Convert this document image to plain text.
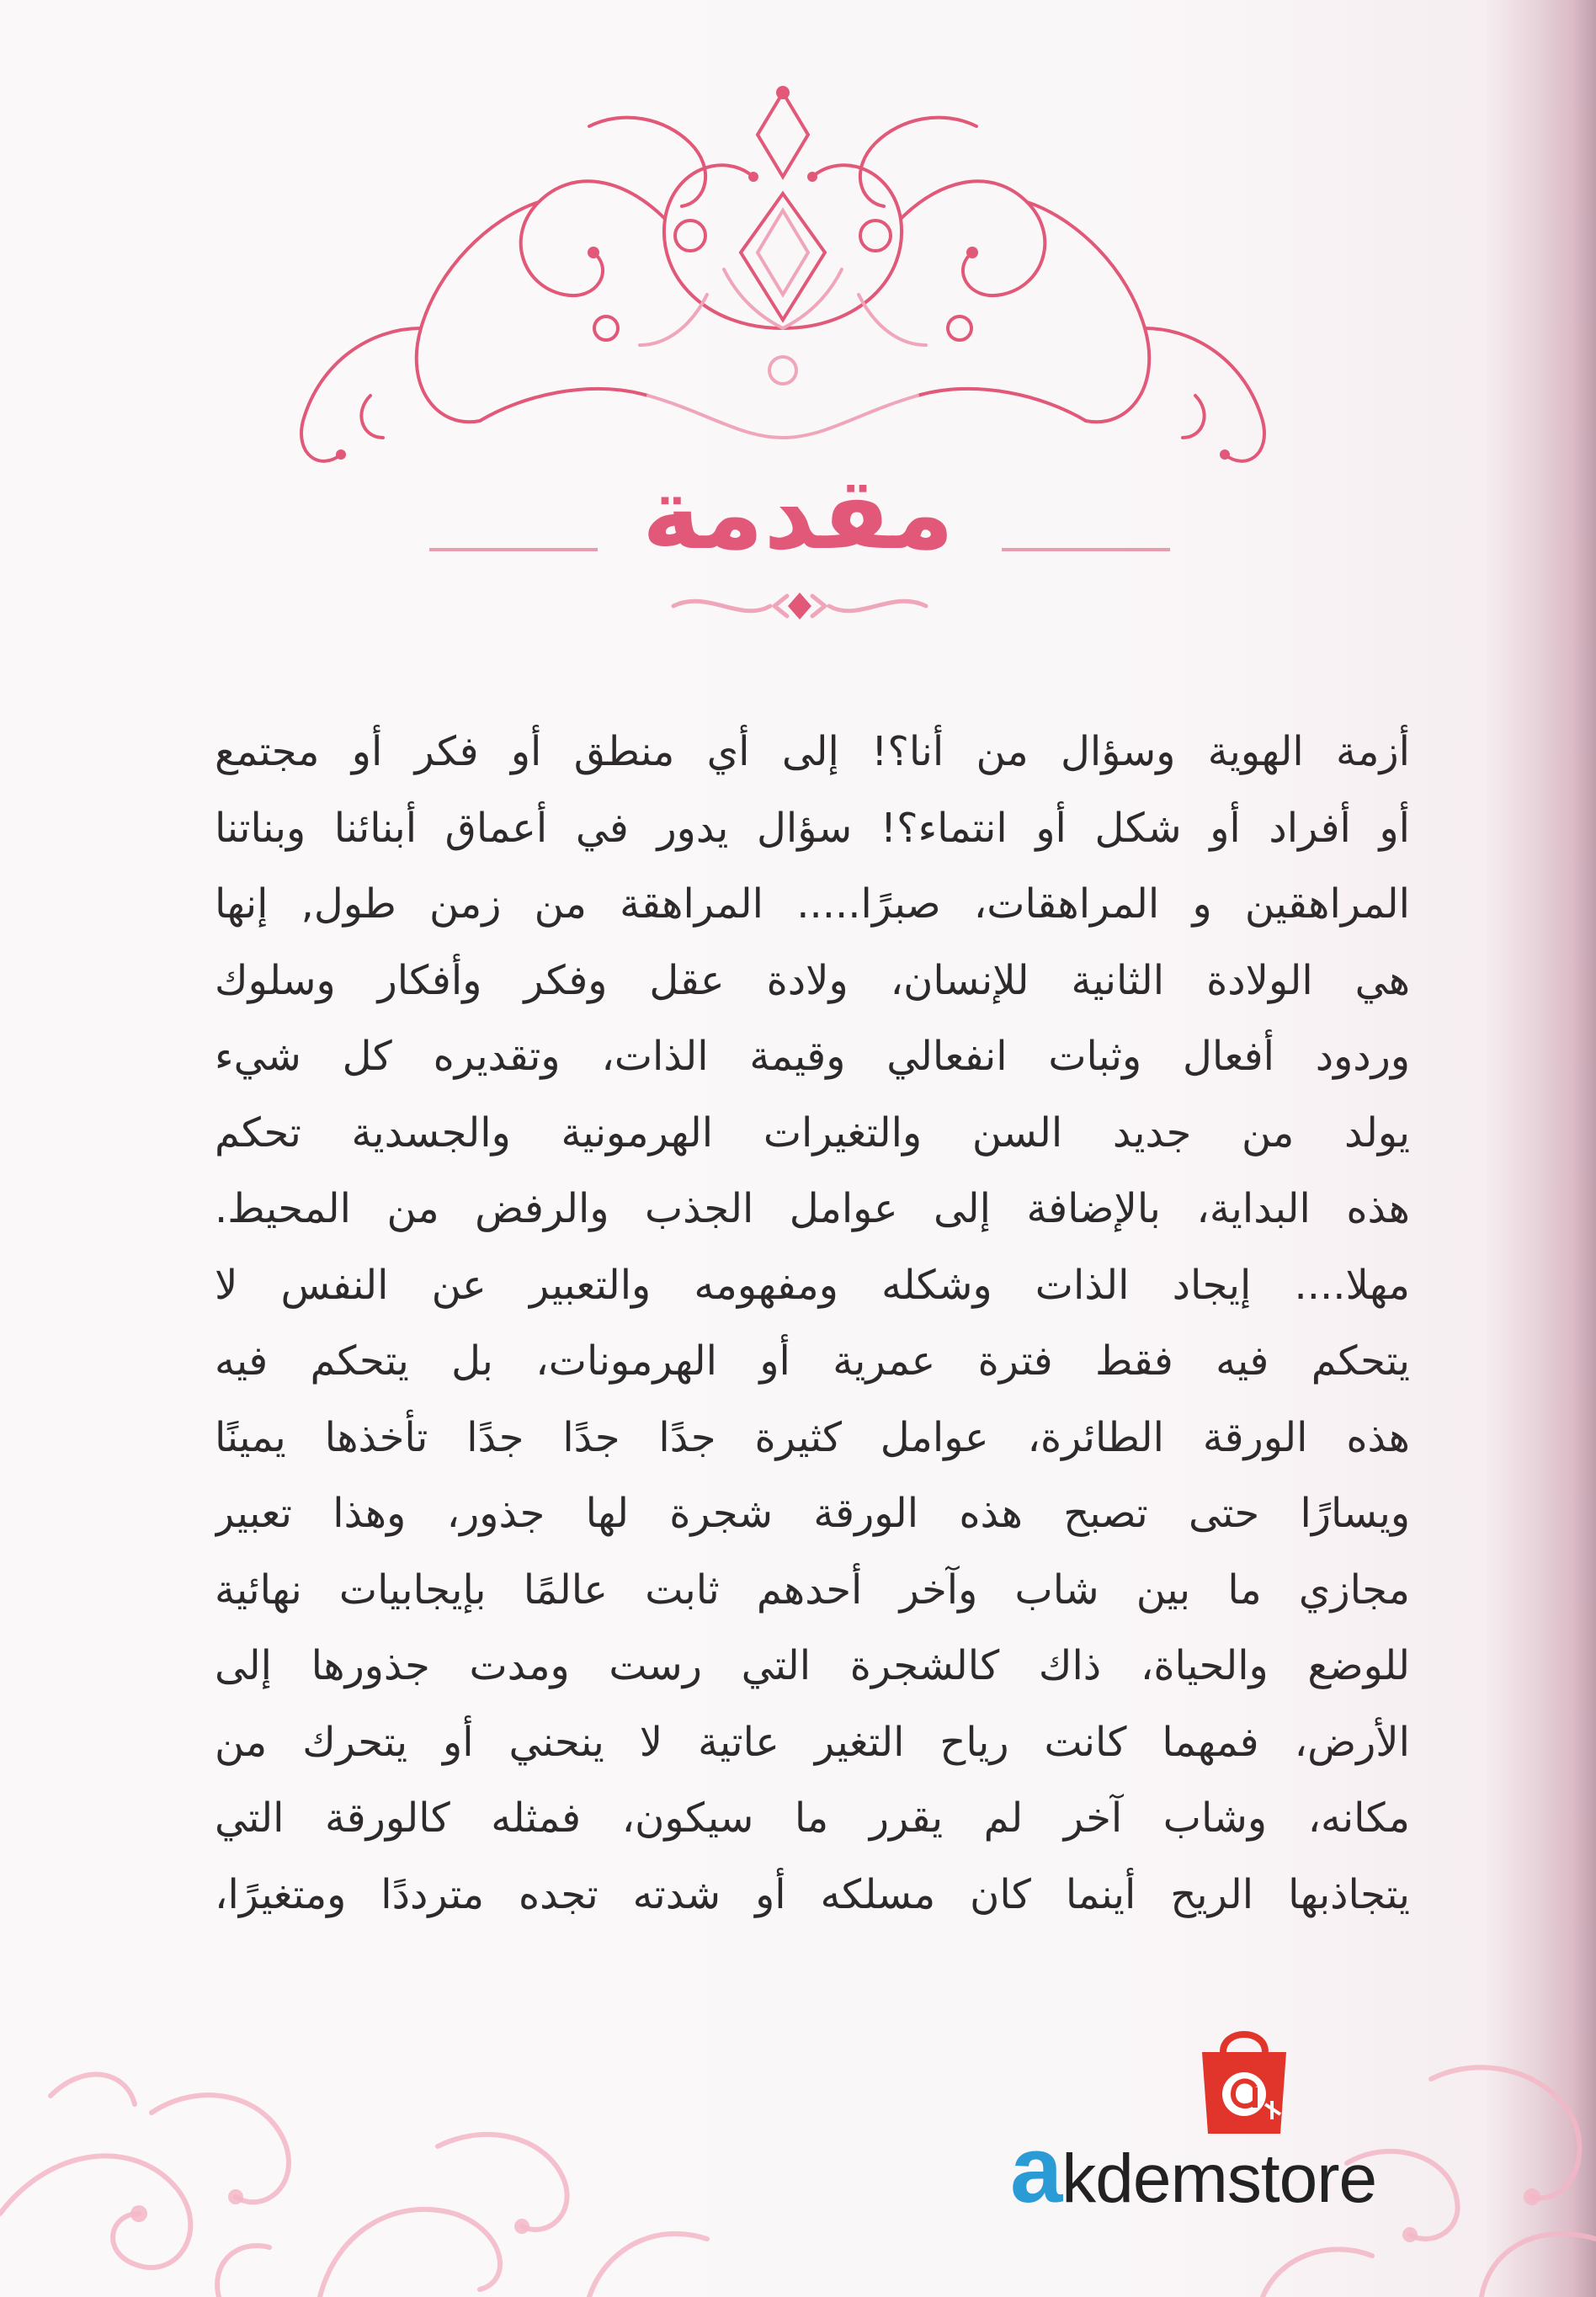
مقدمة
أزمة الهوية وسؤال من أنا؟! إلى أي منطق أو فكر أو مجتمع
أو أفراد أو شكل أو انتماء؟! سؤال يدور في أعماق أبنائنا وبناتنا
المراهقين و المراهقات، صبرًا..... المراهقة من زمن طول, إنها
هي الولادة الثانية للإنسان، ولادة عقل وفكر وأفكار وسلوك
وردود أفعال وثبات انفعالي وقيمة الذات، وتقديره كل شيء
يولد من جديد السن والتغيرات الهرمونية والجسدية تحكم
هذه البداية، بالإضافة إلى عوامل الجذب والرفض من المحيط.
مهلا.... إيجاد الذات وشكله ومفهومه والتعبير عن النفس لا
يتحكم فيه فقط فترة عمرية أو الهرمونات، بل يتحكم فيه
هذه الورقة الطائرة، عوامل كثيرة جدًا جدًا جدًا تأخذها يمينًا
ويسارًا حتى تصبح هذه الورقة شجرة لها جذور، وهذا تعبير
مجازي ما بين شاب وآخر أحدهم ثابت عالمًا بإيجابيات نهائية
للوضع والحياة، ذاك كالشجرة التي رست ومدت جذورها إلى
الأرض، فمهما كانت رياح التغير عاتية لا ينحني أو يتحرك من
مكانه، وشاب آخر لم يقرر ما سيكون، فمثله كالورقة التي
يتجاذبها الريح أينما كان مسلكه أو شدته تجده مترددًا ومتغيرًا،
akdemstore
